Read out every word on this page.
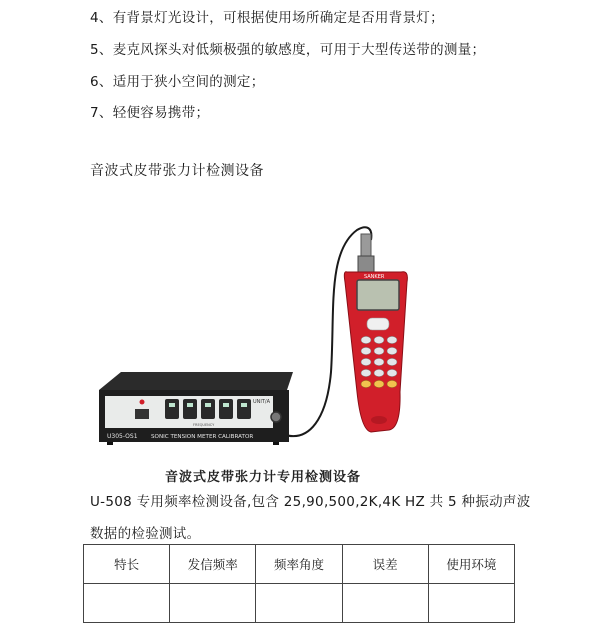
4、有背景灯光设计，可根据使用场所确定是否用背景灯；
5、麦克风探头对低频极强的敏感度，可用于大型传送带的测量；
6、适用于狭小空间的测定；
7、轻便容易携带；
音波式皮带张力计检测设备
UNIT/A
FREQUENCY
U305-OS1 SONIC TENSION METER CALIBRATOR
SANKER
音波式皮带张力计专用检测设备
U-508 专用频率检测设备,包含 25,90,500,2K,4K HZ 共 5 种振动声波
数据的检验测试。
特长	发信频率	频率角度	误差	使用环境
